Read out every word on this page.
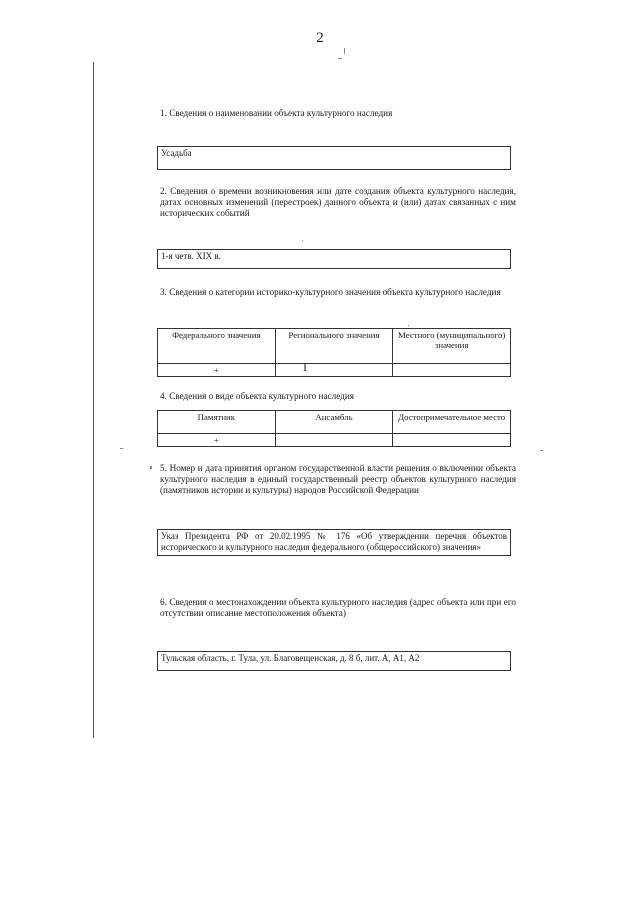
2
1. Сведения о наименовании объекта культурного наследия
Усадьба
2. Сведения о времени возникновения или дате создания объекта культурного наследия, датах основных изменений (перестроек) данного объекта и (или) датах связанных с ним исторических событий
1-я четв. XIX в.
3. Сведения о категории историко-культурного значения объекта культурного наследия
Федерального значения	Регионального значения	Местного (муниципального) значения
+			I
4. Сведения о виде объекта культурного наследия
Памятник	Ансамбль	Достопримечательное место
+		
5. Номер и дата принятия органом государственной власти решения о включении объекта культурного наследия в единый государственный реестр объектов культурного наследия (памятников истории и культуры) народов Российской Федерации
Указ Президента РФ от 20.02.1995 № 176 «Об утверждении перечня объектов исторического и культурного наследия федерального (общероссийского) значения»
6. Сведения о местонахождении объекта культурного наследия (адрес объекта или при его отсутствии описание местоположения объекта)
Тульская область, г. Тула, ул. Благовещенская, д. 8 б, лит. А, А1, А2
